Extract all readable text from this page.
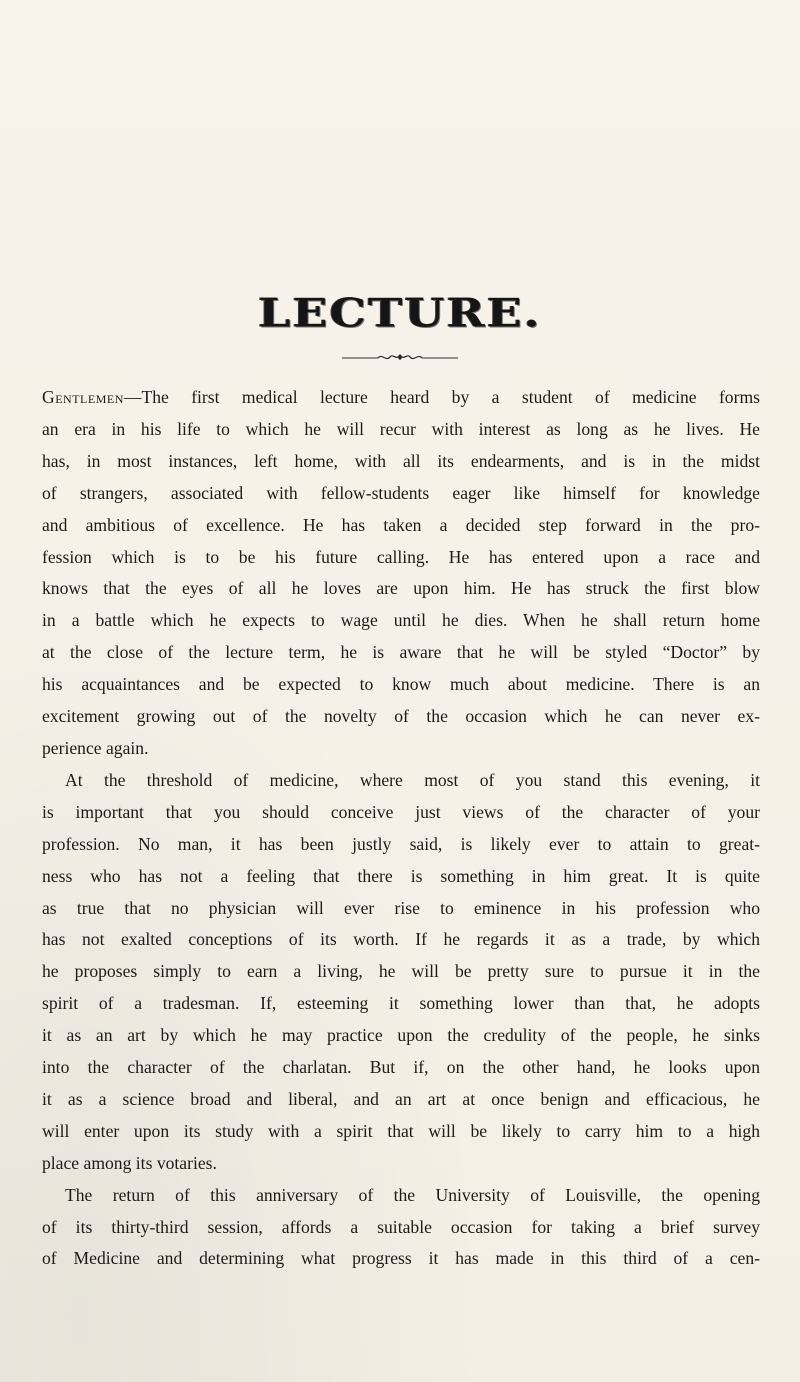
LECTURE.

Gentlemen—The first medical lecture heard by a student of medicine forms

an era in his life to which he will recur with interest as long as he lives. He

has, in most instances, left home, with all its endearments, and is in the midst

of strangers, associated with fellow-students eager like himself for knowledge

and ambitious of excellence. He has taken a decided step forward in the pro-

fession which is to be his future calling. He has entered upon a race and

knows that the eyes of all he loves are upon him. He has struck the first blow

in a battle which he expects to wage until he dies. When he shall return home

at the close of the lecture term, he is aware that he will be styled “Doctor” by

his acquaintances and be expected to know much about medicine. There is an

excitement growing out of the novelty of the occasion which he can never ex-

perience again.

At the threshold of medicine, where most of you stand this evening, it

is important that you should conceive just views of the character of your

profession. No man, it has been justly said, is likely ever to attain to great-

ness who has not a feeling that there is something in him great. It is quite

as true that no physician will ever rise to eminence in his profession who

has not exalted conceptions of its worth. If he regards it as a trade, by which

he proposes simply to earn a living, he will be pretty sure to pursue it in the

spirit of a tradesman. If, esteeming it something lower than that, he adopts

it as an art by which he may practice upon the credulity of the people, he sinks

into the character of the charlatan. But if, on the other hand, he looks upon

it as a science broad and liberal, and an art at once benign and efficacious, he

will enter upon its study with a spirit that will be likely to carry him to a high

place among its votaries.

The return of this anniversary of the University of Louisville, the opening

of its thirty-third session, affords a suitable occasion for taking a brief survey

of Medicine and determining what progress it has made in this third of a cen-
